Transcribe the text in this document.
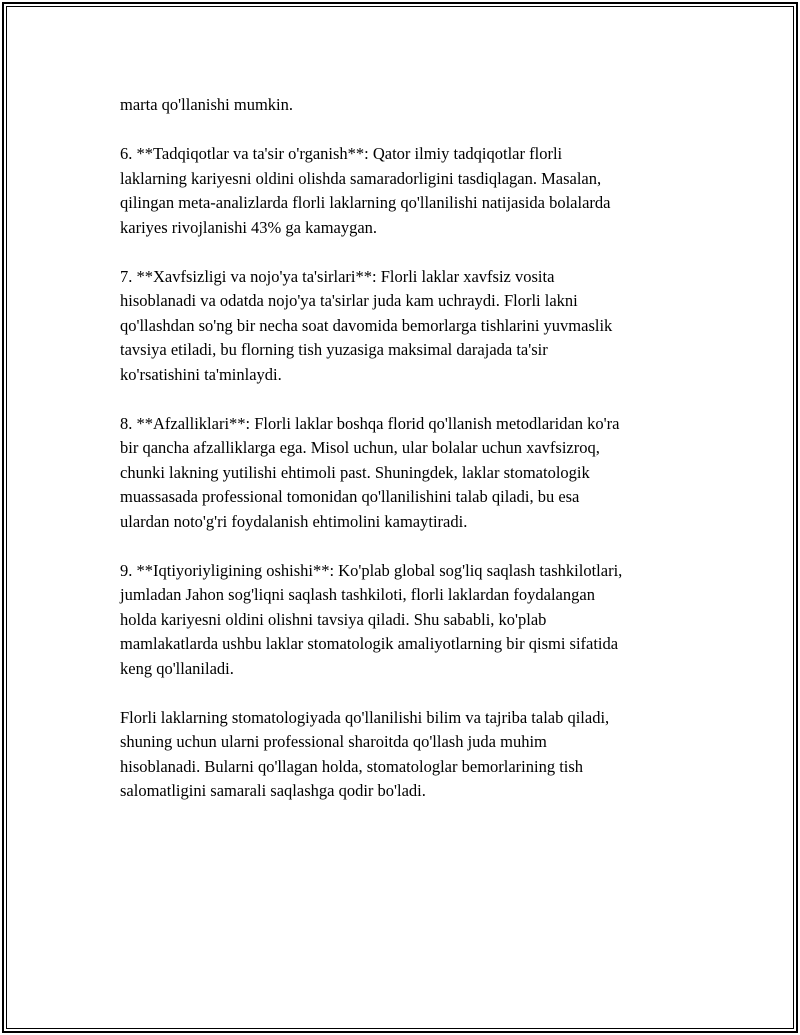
marta qo'llanishi mumkin.

6. **Tadqiqotlar va ta'sir o'rganish**: Qator ilmiy tadqiqotlar florli
laklarning kariyesni oldini olishda samaradorligini tasdiqlagan. Masalan,
qilingan meta-analizlarda florli laklarning qo'llanilishi natijasida bolalarda
kariyes rivojlanishi 43% ga kamaygan.

7. **Xavfsizligi va nojo'ya ta'sirlari**: Florli laklar xavfsiz vosita
hisoblanadi va odatda nojo'ya ta'sirlar juda kam uchraydi. Florli lakni
qo'llashdan so'ng bir necha soat davomida bemorlarga tishlarini yuvmaslik
tavsiya etiladi, bu florning tish yuzasiga maksimal darajada ta'sir
ko'rsatishini ta'minlaydi.

8. **Afzalliklari**: Florli laklar boshqa florid qo'llanish metodlaridan ko'ra
bir qancha afzalliklarga ega. Misol uchun, ular bolalar uchun xavfsizroq,
chunki lakning yutilishi ehtimoli past. Shuningdek, laklar stomatologik
muassasada professional tomonidan qo'llanilishini talab qiladi, bu esa
ulardan noto'g'ri foydalanish ehtimolini kamaytiradi.

9. **Iqtiyoriyligining oshishi**: Ko'plab global sog'liq saqlash tashkilotlari,
jumladan Jahon sog'liqni saqlash tashkiloti, florli laklardan foydalangan
holda kariyesni oldini olishni tavsiya qiladi. Shu sababli, ko'plab
mamlakatlarda ushbu laklar stomatologik amaliyotlarning bir qismi sifatida
keng qo'llaniladi.

Florli laklarning stomatologiyada qo'llanilishi bilim va tajriba talab qiladi,
shuning uchun ularni professional sharoitda qo'llash juda muhim
hisoblanadi. Bularni qo'llagan holda, stomatologlar bemorlarining tish
salomatligini samarali saqlashga qodir bo'ladi.
